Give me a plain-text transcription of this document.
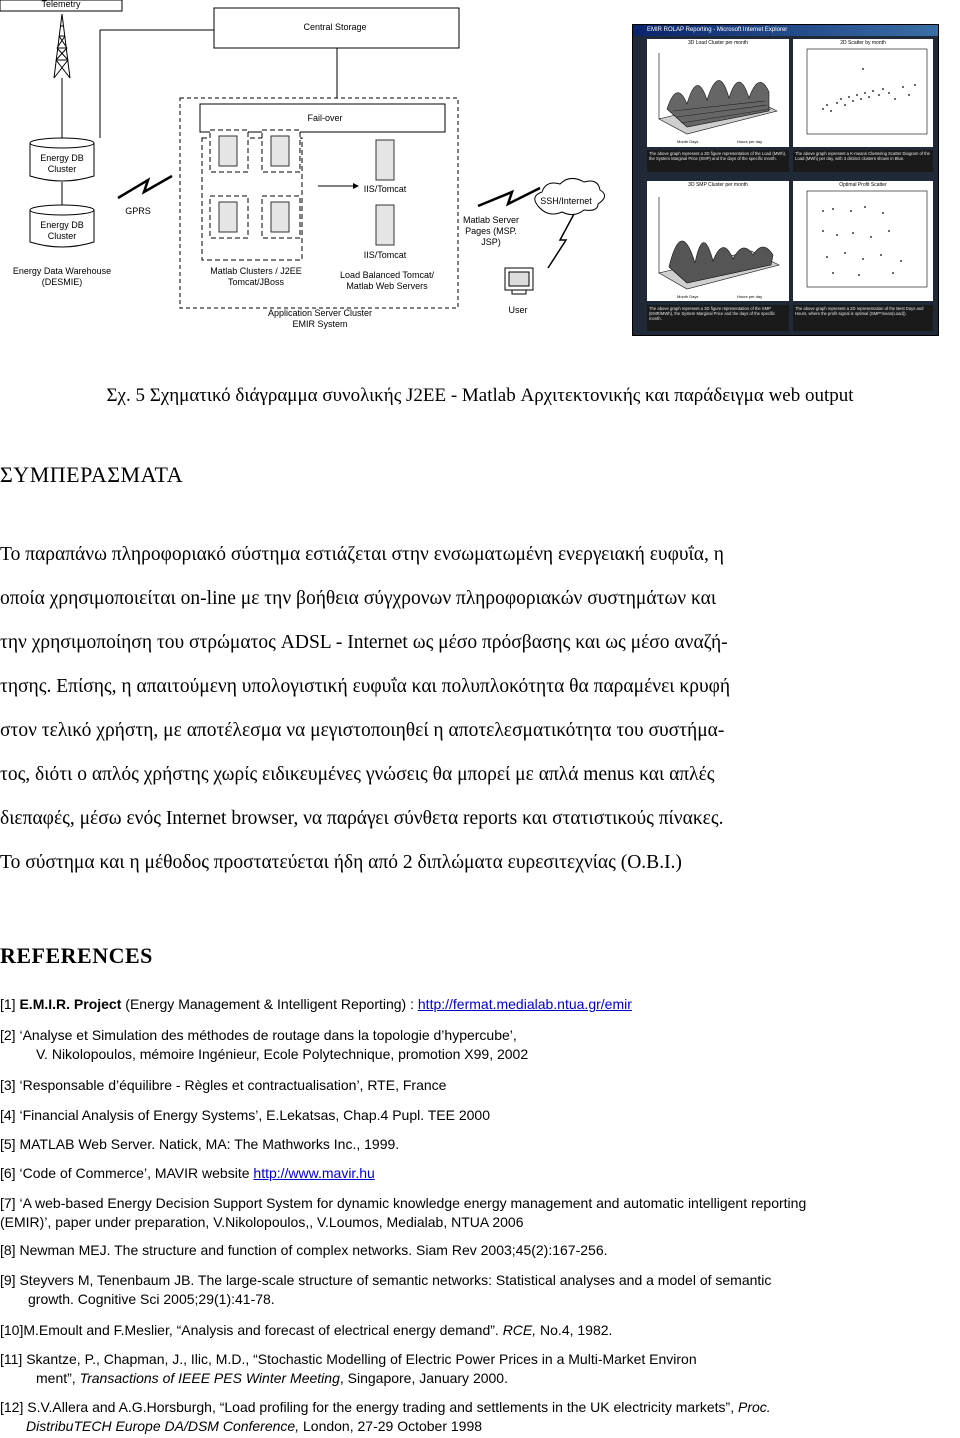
Telemetry
Central Storage
Fail-over
Energy DB Cluster
Energy DB Cluster
GPRS
IIS/Tomcat
IIS/Tomcat
Matlab Server Pages (MSP. JSP)
SSH/Internet
Energy Data Warehouse (DESMIE)
Matlab Clusters / J2EE Tomcat/JBoss
Load Balanced Tomcat/ Matlab Web Servers
Application Server Cluster
EMIR System
User
EMIR ROLAP Reporting - Microsoft Internet Explorer
3D Load Cluster per month
Month Days	Hours per day
2D Scatter by month
The above graph represent a 3D figure representation of the Load (MWh), the System Marginal Price (SMP) and the days of the specific month.
The above graph represent a K-means Clustering Scatter Diagram of the Load (MWh) per day, with 3 distinct clusters shown in Blue.
3D SMP Cluster per month
Month Days	Hours per day
Optimal Profit Scatter
The above graph represent a 3D figure representation of the SMP (EMR/MWh), the System Marginal Price and the days of the specific month.
The above graph represent a 2D representation of the Best Days and Hours, where the profit signal is optimal (SMP*mean(Load)).
Σχ. 5 Σχηματικό διάγραμμα συνολικής J2EE - Matlab Αρχιτεκτονικής και παράδειγμα web output
ΣΥΜΠΕΡΑΣΜΑΤΑ
Το παραπάνω πληροφοριακό σύστημα εστιάζεται στην ενσωματωμένη ενεργειακή ευφυΐα, η
οποία χρησιμοποιείται on-line με την βοήθεια σύγχρονων πληροφοριακών συστημάτων και
την χρησιμοποίηση του στρώματος ADSL - Internet ως μέσο πρόσβασης και ως μέσο αναζή-
τησης. Επίσης, η απαιτούμενη υπολογιστική ευφυΐα και πολυπλοκότητα θα παραμένει κρυφή
στον τελικό χρήστη, με αποτέλεσμα να μεγιστοποιηθεί η αποτελεσματικότητα του συστήμα-
τος, διότι ο απλός χρήστης χωρίς ειδικευμένες γνώσεις θα μπορεί με απλά menus και απλές
διεπαφές, μέσω ενός Internet browser, να παράγει σύνθετα reports και στατιστικούς πίνακες.
Το σύστημα και η μέθοδος προστατεύεται ήδη από 2 διπλώματα ευρεσιτεχνίας (Ο.Β.Ι.)
REFERENCES
[1] E.M.I.R. Project (Energy Management & Intelligent Reporting) : http://fermat.medialab.ntua.gr/emir
[2] ‘Analyse et Simulation des méthodes de routage dans la topologie d’hypercube’,
V. Nikolopoulos, mémoire Ingénieur, Ecole Polytechnique, promotion X99, 2002
[3] ‘Responsable d’équilibre - Règles et contractualisation’, RTE, France
[4] ‘Financial Analysis of Energy Systems’, E.Lekatsas, Chap.4 Pupl. TEE 2000
[5] MATLAB Web Server. Natick, MA: The Mathworks Inc., 1999.
[6] ‘Code of Commerce’, MAVIR website http://www.mavir.hu
[7] ‘A web-based Energy Decision Support System for dynamic knowledge energy management and automatic intelligent reporting
(EMIR)’, paper under preparation, V.Nikolopoulos,, V.Loumos, Medialab, NTUA 2006
[8] Newman MEJ. The structure and function of complex networks. Siam Rev 2003;45(2):167-256.
[9] Steyvers M, Tenenbaum JB. The large-scale structure of semantic networks: Statistical analyses and a model of semantic
growth. Cognitive Sci 2005;29(1):41-78.
[10]M.Emoult and F.Meslier, “Analysis and forecast of electrical energy demand”. RCE, No.4, 1982.
[11] Skantze, P., Chapman, J., Ilic, M.D., “Stochastic Modelling of Electric Power Prices in a Multi-Market Environ
ment”, Transactions of IEEE PES Winter Meeting, Singapore, January 2000.
[12] S.V.Allera and A.G.Horsburgh, “Load profiling for the energy trading and settlements in the UK electricity markets”, Proc.
DistribuTECH Europe DA/DSM Conference, London, 27-29 October 1998
